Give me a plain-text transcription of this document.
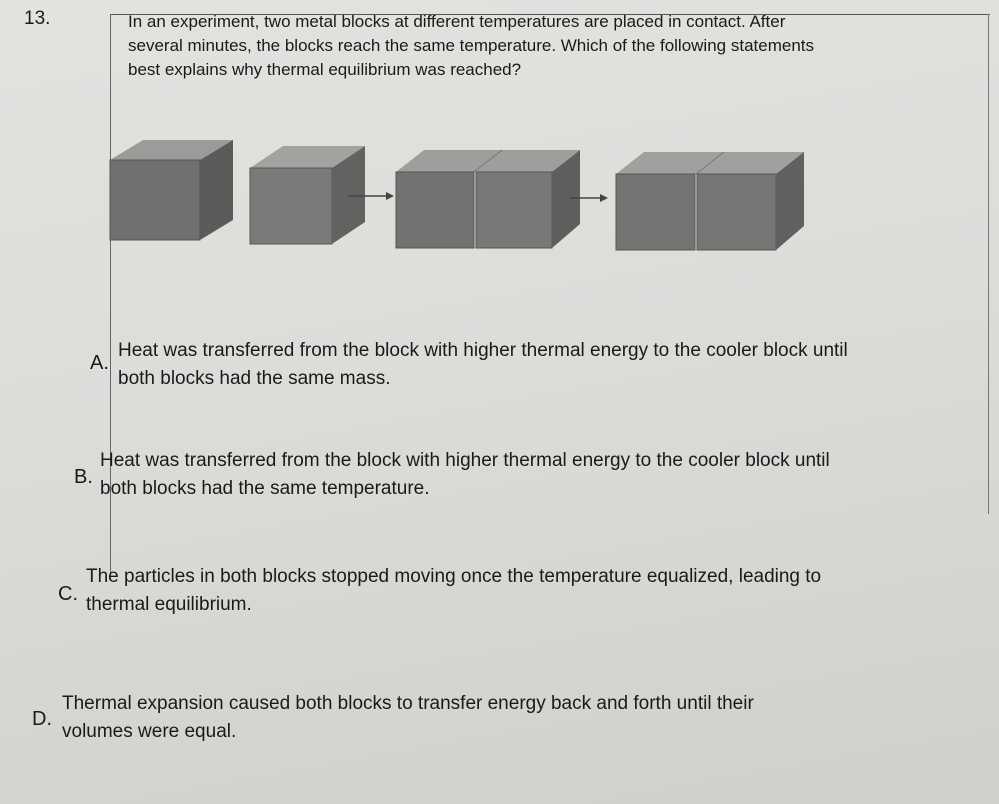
13.	In an experiment, two metal blocks at different temperatures are placed in contact. After
several minutes, the blocks reach the same temperature. Which of the following statements
best explains why thermal equilibrium was reached?
A.
Heat was transferred from the block with higher thermal energy to the cooler block until
both blocks had the same mass.
B.
Heat was transferred from the block with higher thermal energy to the cooler block until
both blocks had the same temperature.
C.
The particles in both blocks stopped moving once the temperature equalized, leading to
thermal equilibrium.
D.
Thermal expansion caused both blocks to transfer energy back and forth until their
volumes were equal.
